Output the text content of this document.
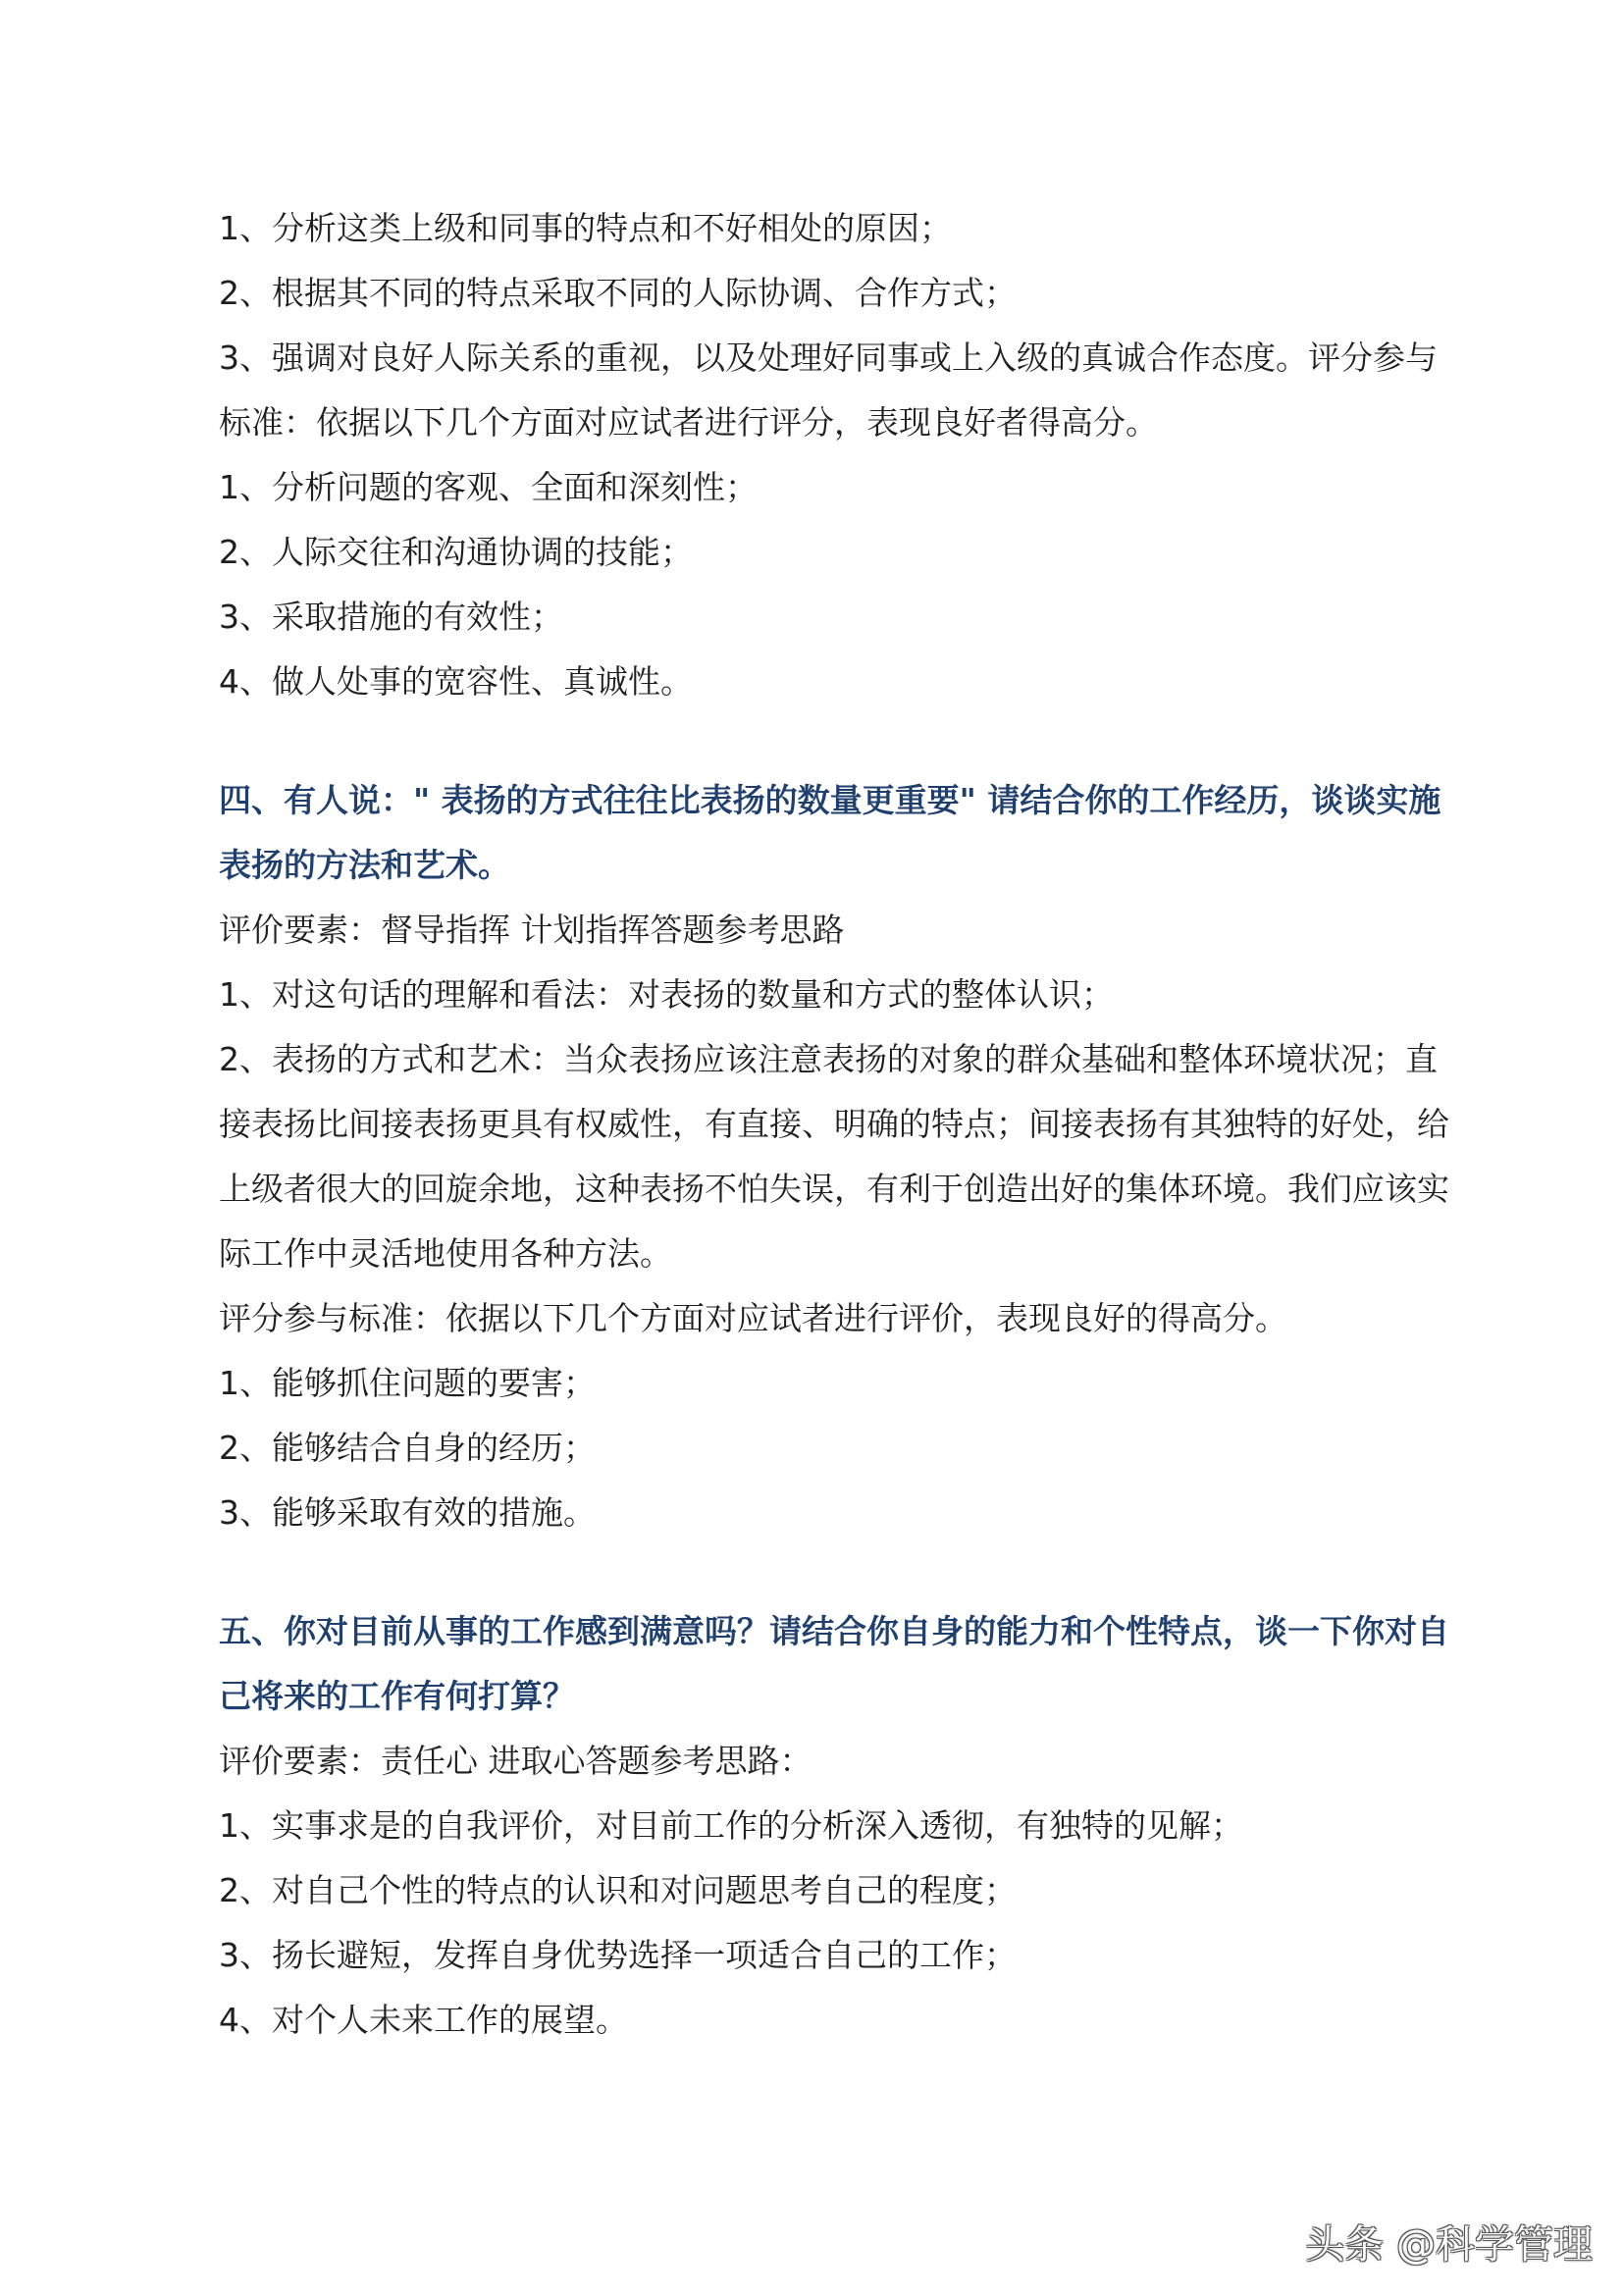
1、分析这类上级和同事的特点和不好相处的原因；

2、根据其不同的特点采取不同的人际协调、合作方式；

3、强调对良好人际关系的重视，以及处理好同事或上入级的真诚合作态度。评分参与

标准：依据以下几个方面对应试者进行评分，表现良好者得高分。

1、分析问题的客观、全面和深刻性；

2、人际交往和沟通协调的技能；

3、采取措施的有效性；

4、做人处事的宽容性、真诚性。

四、有人说：" 表扬的方式往往比表扬的数量更重要" 请结合你的工作经历，谈谈实施

表扬的方法和艺术。

评价要素：督导指挥 计划指挥答题参考思路

1、对这句话的理解和看法：对表扬的数量和方式的整体认识；

2、表扬的方式和艺术：当众表扬应该注意表扬的对象的群众基础和整体环境状况；直

接表扬比间接表扬更具有权威性，有直接、明确的特点；间接表扬有其独特的好处，给

上级者很大的回旋余地，这种表扬不怕失误，有利于创造出好的集体环境。我们应该实

际工作中灵活地使用各种方法。

评分参与标准：依据以下几个方面对应试者进行评价，表现良好的得高分。

1、能够抓住问题的要害；

2、能够结合自身的经历；

3、能够采取有效的措施。

五、你对目前从事的工作感到满意吗？请结合你自身的能力和个性特点，谈一下你对自

己将来的工作有何打算？

评价要素：责任心 进取心答题参考思路：

1、实事求是的自我评价，对目前工作的分析深入透彻，有独特的见解；

2、对自己个性的特点的认识和对问题思考自己的程度；

3、扬长避短，发挥自身优势选择一项适合自己的工作；

4、对个人未来工作的展望。

头条 @科学管理
